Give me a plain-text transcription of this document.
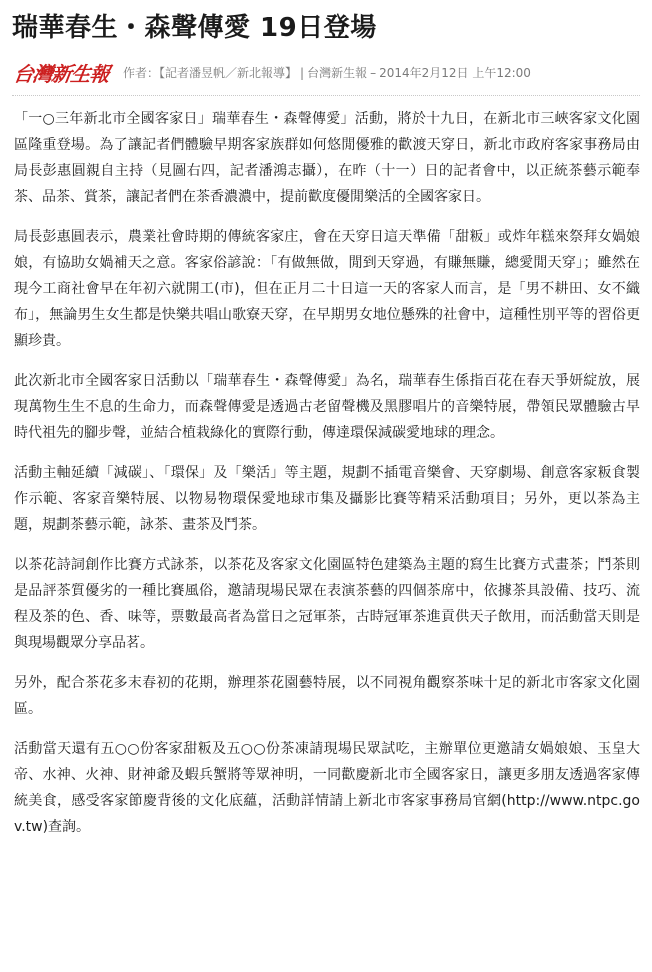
瑞華春生・森聲傳愛 19日登場
台灣新生報 作者：【記者潘昱帆／新北報導】 | 台灣新生報 – 2014年2月12日 上午12:00

「一○三年新北市全國客家日」瑞華春生・森聲傳愛」活動，將於十九日，在新北市三峽客家文化園區隆重登場。為了讓記者們體驗早期客家族群如何悠閒優雅的歡渡天穿日，新北市政府客家事務局由局長彭惠圓親自主持（見圖右四，記者潘鴻志攝），在昨（十一）日的記者會中，以正統茶藝示範奉茶、品茶、賞茶，讓記者們在茶香濃濃中，提前歡度優閒樂活的全國客家日。

局長彭惠圓表示，農業社會時期的傳統客家庄，會在天穿日這天準備「甜粄」或炸年糕來祭拜女媧娘娘，有協助女媧補天之意。客家俗諺說：「有做無做，閒到天穿過，有賺無賺，總愛閒天穿」；雖然在現今工商社會早在年初六就開工(市)，但在正月二十日這一天的客家人而言，是「男不耕田、女不織布」，無論男生女生都是快樂共唱山歌寮天穿，在早期男女地位懸殊的社會中，這種性別平等的習俗更顯珍貴。

此次新北市全國客家日活動以「瑞華春生・森聲傳愛」為名，瑞華春生係指百花在春天爭妍綻放，展現萬物生生不息的生命力，而森聲傳愛是透過古老留聲機及黑膠唱片的音樂特展，帶領民眾體驗古早時代祖先的腳步聲，並結合植栽綠化的實際行動，傳達環保減碳愛地球的理念。

活動主軸延續「減碳」、「環保」及「樂活」等主題，規劃不插電音樂會、天穿劇場、創意客家粄食製作示範、客家音樂特展、以物易物環保愛地球市集及攝影比賽等精采活動項目；另外，更以茶為主題，規劃茶藝示範，詠茶、畫茶及鬥茶。

以茶花詩詞創作比賽方式詠茶，以茶花及客家文化園區特色建築為主題的寫生比賽方式畫茶；鬥茶則是品評茶質優劣的一種比賽風俗，邀請現場民眾在表演茶藝的四個茶席中，依據茶具設備、技巧、流程及茶的色、香、味等，票數最高者為當日之冠軍茶，古時冠軍茶進貢供天子飲用，而活動當天則是與現場觀眾分享品茗。

另外，配合茶花多末春初的花期，辦理茶花園藝特展，以不同視角觀察茶味十足的新北市客家文化園區。

活動當天還有五○○份客家甜粄及五○○份茶凍請現場民眾試吃，主辦單位更邀請女媧娘娘、玉皇大帝、水神、火神、財神爺及蝦兵蟹將等眾神明，一同歡慶新北市全國客家日，讓更多朋友透過客家傳統美食，感受客家節慶背後的文化底蘊，活動詳情請上新北市客家事務局官網(http://www.ntpc.gov.tw)查詢。
